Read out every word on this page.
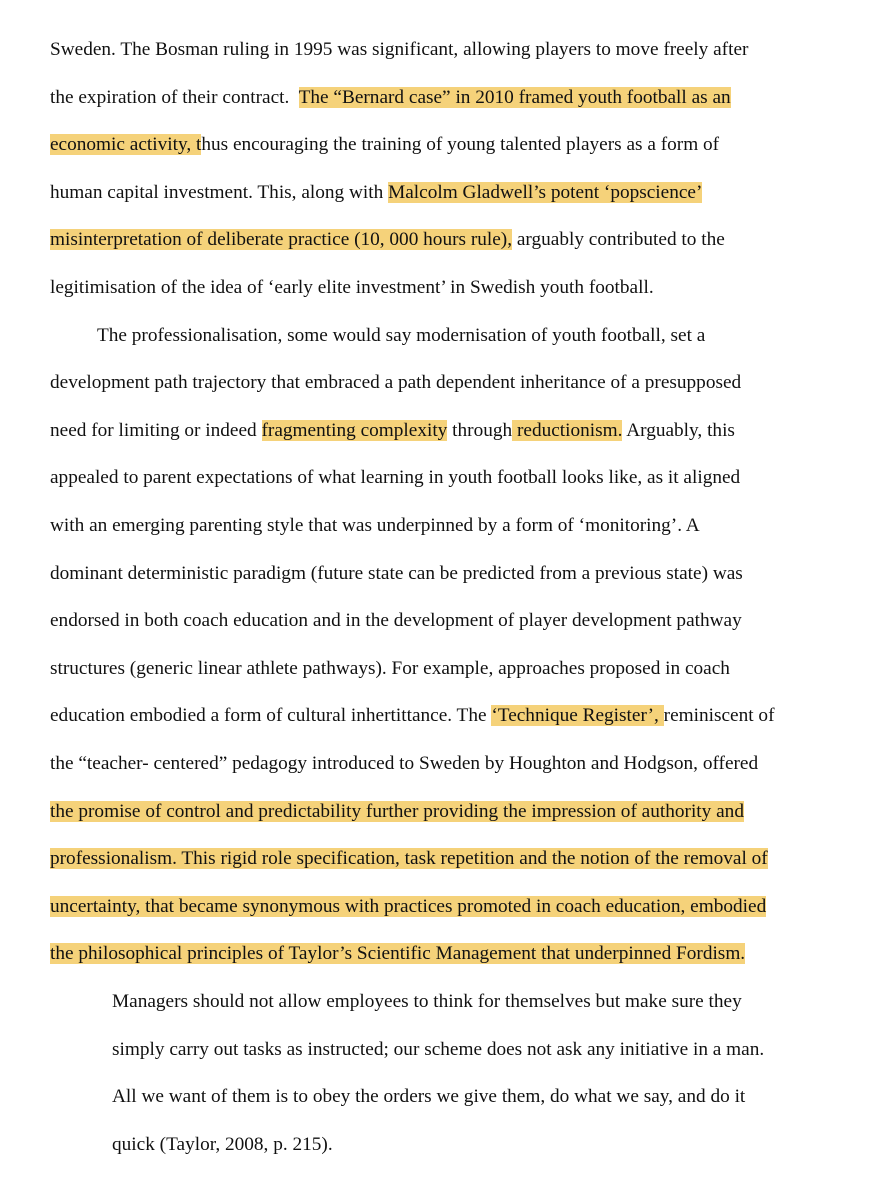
Sweden. The Bosman ruling in 1995 was significant, allowing players to move freely after
the expiration of their contract.  The “Bernard case” in 2010 framed youth football as an
economic activity, thus encouraging the training of young talented players as a form of
human capital investment. This, along with Malcolm Gladwell’s potent ‘popscience’
misinterpretation of deliberate practice (10, 000 hours rule), arguably contributed to the
legitimisation of the idea of ‘early elite investment’ in Swedish youth football.
The professionalisation, some would say modernisation of youth football, set a
development path trajectory that embraced a path dependent inheritance of a presupposed
need for limiting or indeed fragmenting complexity through reductionism. Arguably, this
appealed to parent expectations of what learning in youth football looks like, as it aligned
with an emerging parenting style that was underpinned by a form of ‘monitoring’. A
dominant deterministic paradigm (future state can be predicted from a previous state) was
endorsed in both coach education and in the development of player development pathway
structures (generic linear athlete pathways). For example, approaches proposed in coach
education embodied a form of cultural inhertittance. The ‘Technique Register’, reminiscent of
the “teacher- centered” pedagogy introduced to Sweden by Houghton and Hodgson, offered
the promise of control and predictability further providing the impression of authority and
professionalism. This rigid role specification, task repetition and the notion of the removal of
uncertainty, that became synonymous with practices promoted in coach education, embodied
the philosophical principles of Taylor’s Scientific Management that underpinned Fordism.
Managers should not allow employees to think for themselves but make sure they
simply carry out tasks as instructed; our scheme does not ask any initiative in a man.
All we want of them is to obey the orders we give them, do what we say, and do it
quick (Taylor, 2008, p. 215).
